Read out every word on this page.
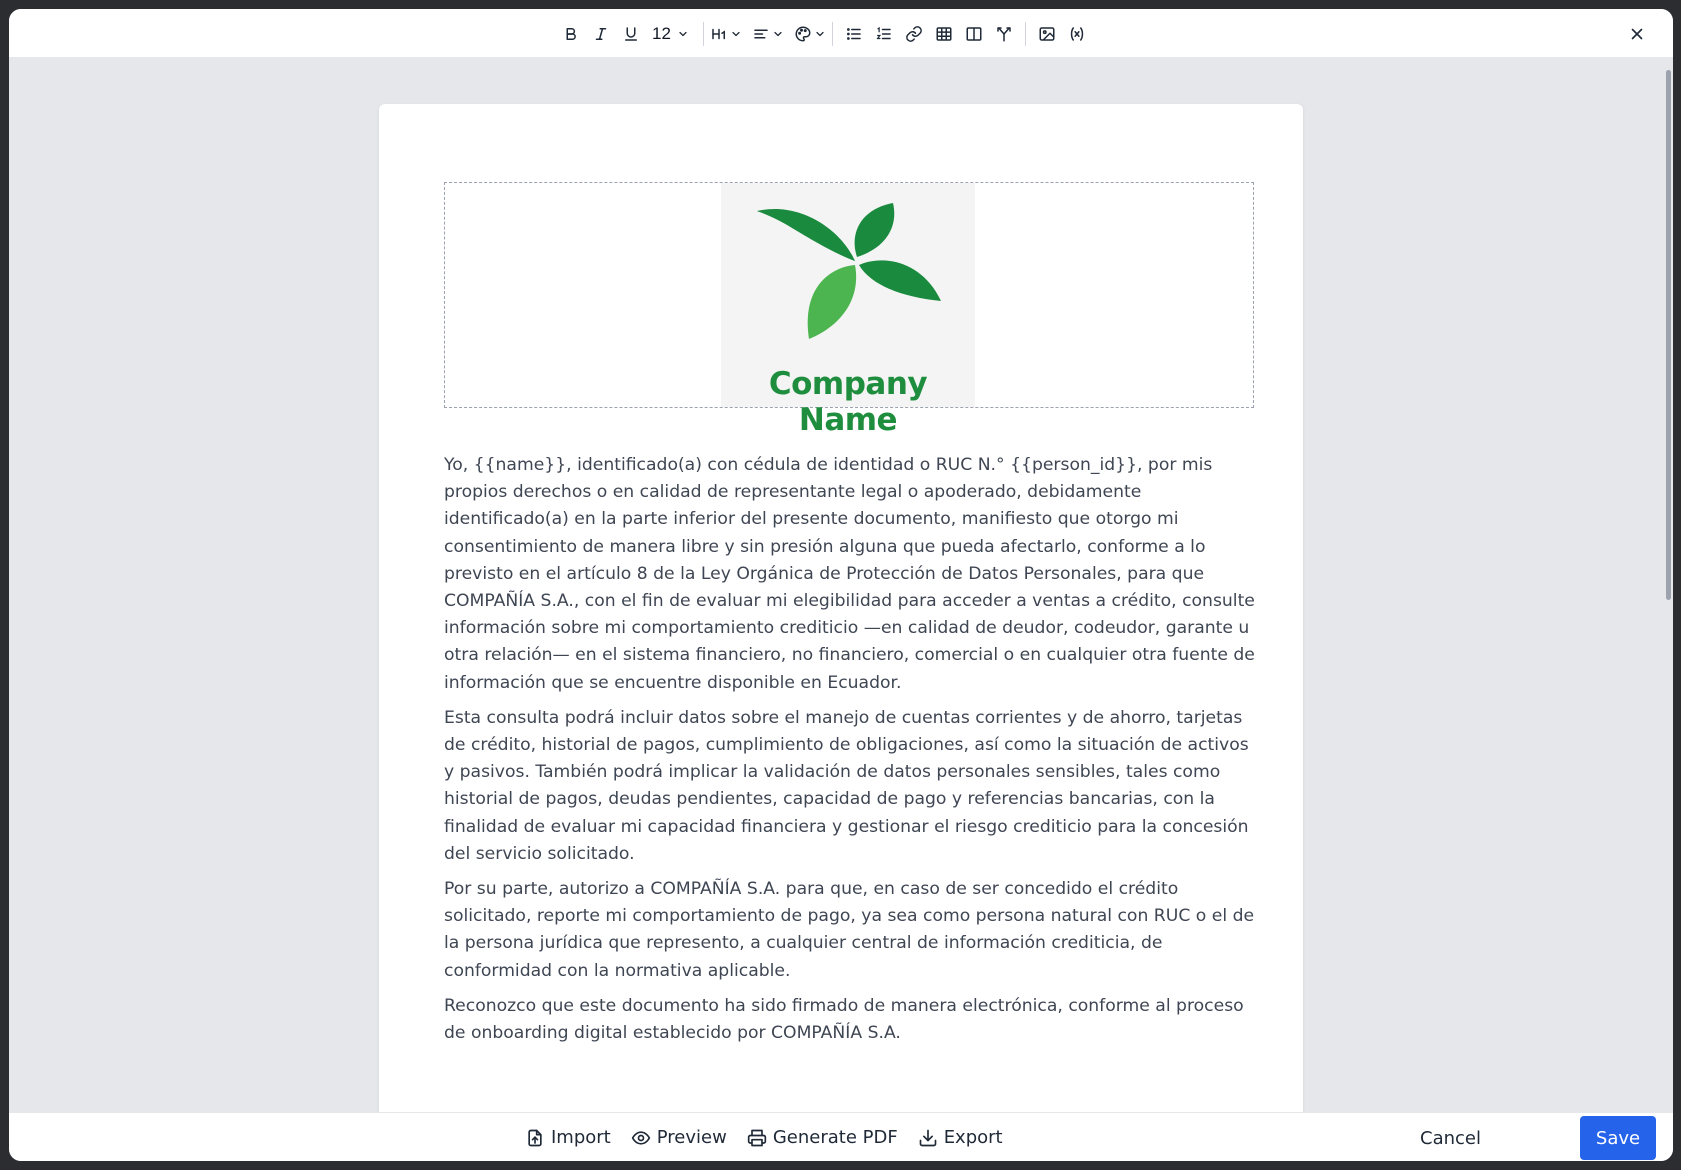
12
Company Name

Yo, {{name}}, identificado(a) con cédula de identidad o RUC N.° {{person_id}}, por mis propios derechos o en calidad de representante legal o apoderado, debidamente identificado(a) en la parte inferior del presente documento, manifiesto que otorgo mi consentimiento de manera libre y sin presión alguna que pueda afectarlo, conforme a lo previsto en el artículo 8 de la Ley Orgánica de Protección de Datos Personales, para que COMPAÑÍA S.A., con el fin de evaluar mi elegibilidad para acceder a ventas a crédito, consulte información sobre mi comportamiento crediticio —en calidad de deudor, codeudor, garante u otra relación— en el sistema financiero, no financiero, comercial o en cualquier otra fuente de información que se encuentre disponible en Ecuador.

Esta consulta podrá incluir datos sobre el manejo de cuentas corrientes y de ahorro, tarjetas de crédito, historial de pagos, cumplimiento de obligaciones, así como la situación de activos y pasivos. También podrá implicar la validación de datos personales sensibles, tales como historial de pagos, deudas pendientes, capacidad de pago y referencias bancarias, con la finalidad de evaluar mi capacidad financiera y gestionar el riesgo crediticio para la concesión del servicio solicitado.

Por su parte, autorizo a COMPAÑÍA S.A. para que, en caso de ser concedido el crédito solicitado, reporte mi comportamiento de pago, ya sea como persona natural con RUC o el de la persona jurídica que represento, a cualquier central de información crediticia, de conformidad con la normativa aplicable.

Reconozco que este documento ha sido firmado de manera electrónica, conforme al proceso de onboarding digital establecido por COMPAÑÍA S.A.

Import	Preview	Generate PDF	Export	Cancel	Save
